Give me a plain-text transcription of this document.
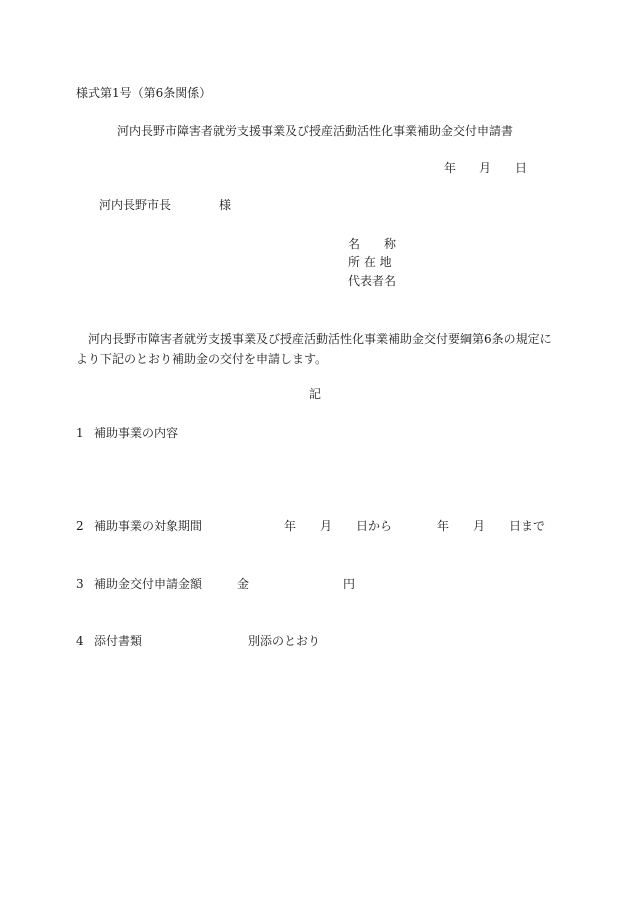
様式第1号（第6条関係）
河内長野市障害者就労支援事業及び授産活動活性化事業補助金交付申請書
年 月 日
河内長野市長	様
名　　称
所 在 地
代表者名
河内長野市障害者就労支援事業及び授産活動活性化事業補助金交付要綱第6条の規定により下記のとおり補助金の交付を申請します。
記
1 補助事業の内容
2 補助事業の対象期間	年 月 日から	年 月 日まで
3 補助金交付申請金額	金	円
4 添付書類	別添のとおり
